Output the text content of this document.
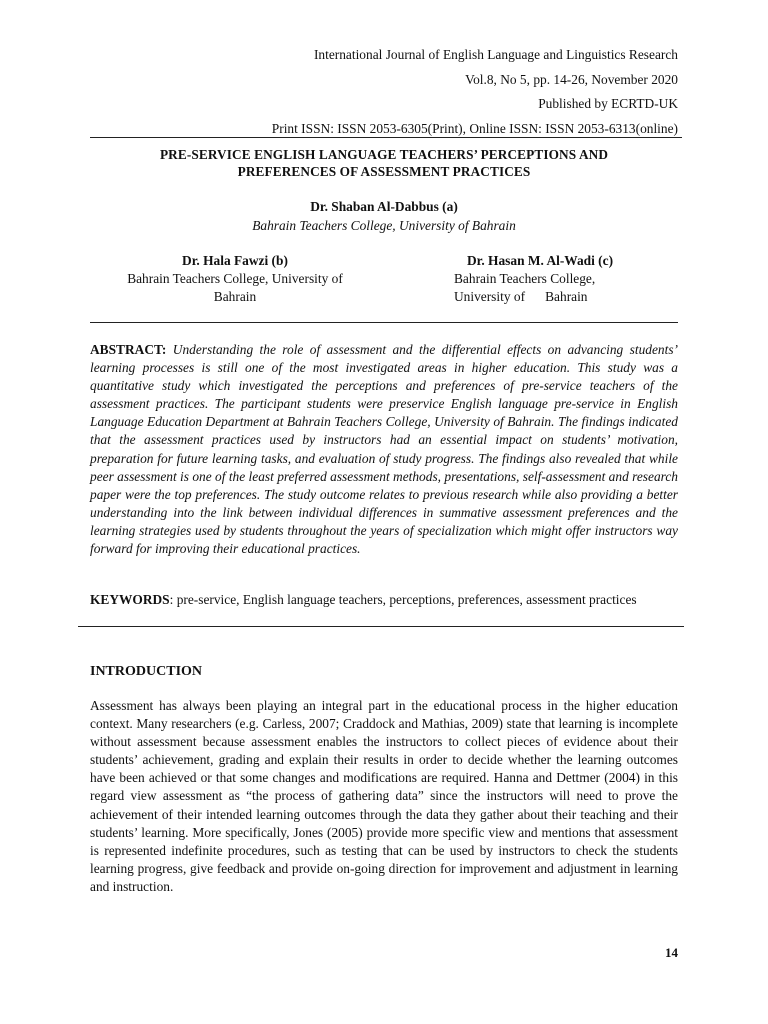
International Journal of English Language and Linguistics Research
Vol.8, No 5, pp. 14-26, November 2020
Published by ECRTD-UK
Print ISSN: ISSN 2053-6305(Print), Online ISSN: ISSN 2053-6313(online)
PRE-SERVICE ENGLISH LANGUAGE TEACHERS’ PERCEPTIONS AND
PREFERENCES OF ASSESSMENT PRACTICES
Dr. Shaban Al-Dabbus (a)
Bahrain Teachers College, University of Bahrain
Dr. Hala Fawzi (b)
Bahrain Teachers College, University of
Bahrain
Dr. Hasan M. Al-Wadi (c)
Bahrain Teachers College,
University of      Bahrain
ABSTRACT: Understanding the role of assessment and the differential effects on advancing students’ learning processes is still one of the most investigated areas in higher education. This study was a quantitative study which investigated the perceptions and preferences of pre-service teachers of the assessment practices. The participant students were preservice English language pre-service in English Language Education Department at Bahrain Teachers College, University of Bahrain. The findings indicated that the assessment practices used by instructors had an essential impact on students’ motivation, preparation for future learning tasks, and evaluation of study progress. The findings also revealed that while peer assessment is one of the least preferred assessment methods, presentations, self-assessment and research paper were the top preferences. The study outcome relates to previous research while also providing a better understanding into the link between individual differences in summative assessment preferences and the learning strategies used by students throughout the years of specialization which might offer instructors way forward for improving their educational practices.
KEYWORDS: pre-service, English language teachers, perceptions, preferences, assessment practices
INTRODUCTION
Assessment has always been playing an integral part in the educational process in the higher education context. Many researchers (e.g. Carless, 2007; Craddock and Mathias, 2009) state that learning is incomplete without assessment because assessment enables the instructors to collect pieces of evidence about their students’ achievement, grading and explain their results in order to decide whether the learning outcomes have been achieved or that some changes and modifications are required. Hanna and Dettmer (2004) in this regard view assessment as “the process of gathering data” since the instructors will need to prove the achievement of their intended learning outcomes through the data they gather about their teaching and their students’ learning. More specifically, Jones (2005) provide more specific view and mentions that assessment is represented indefinite procedures, such as testing that can be used by instructors to check the students learning progress, give feedback and provide on-going direction for improvement and adjustment in learning and instruction.
14
